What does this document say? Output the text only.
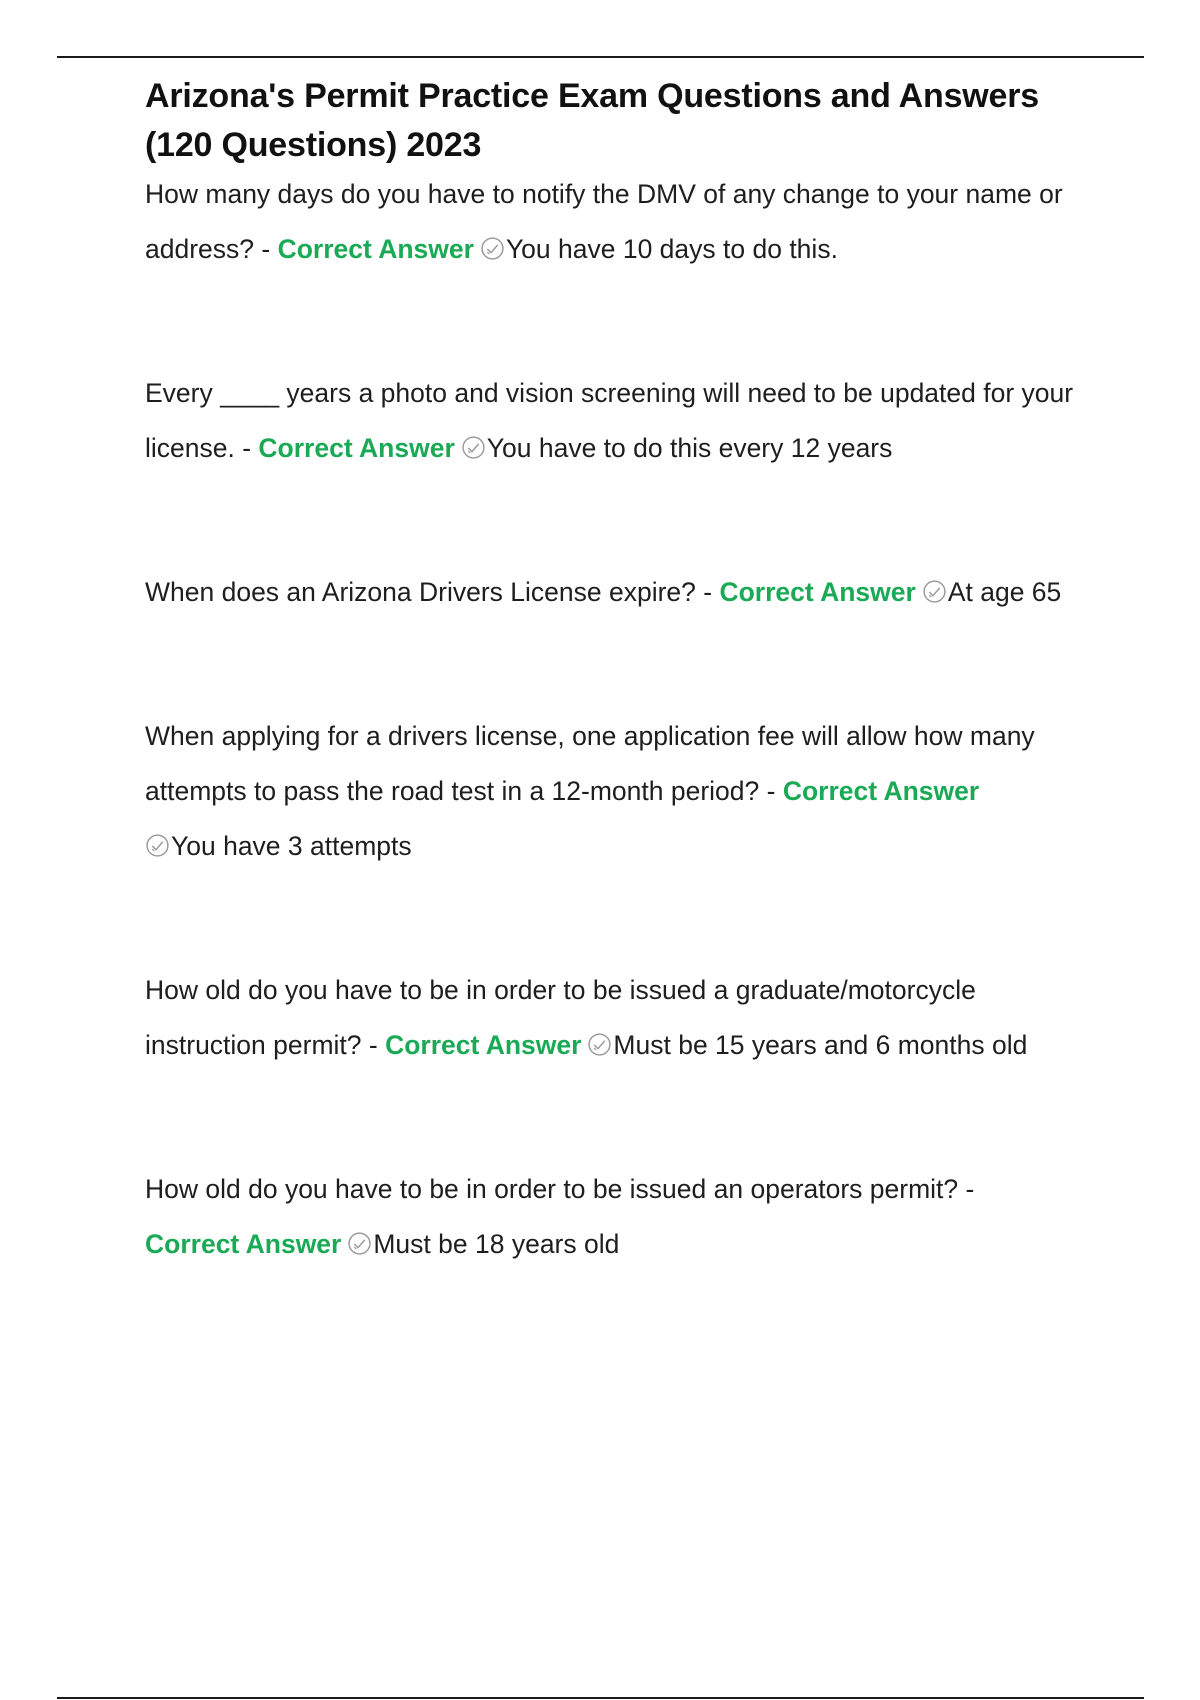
Arizona's Permit Practice Exam Questions and Answers (120 Questions) 2023

How many days do you have to notify the DMV of any change to your name or address? - Correct Answer You have 10 days to do this.

Every ____ years a photo and vision screening will need to be updated for your license. - Correct Answer You have to do this every 12 years

When does an Arizona Drivers License expire? - Correct Answer At age 65

When applying for a drivers license, one application fee will allow how many attempts to pass the road test in a 12-month period? - Correct Answer
You have 3 attempts

How old do you have to be in order to be issued a graduate/motorcycle instruction permit? - Correct Answer Must be 15 years and 6 months old

How old do you have to be in order to be issued an operators permit? -
Correct Answer Must be 18 years old
